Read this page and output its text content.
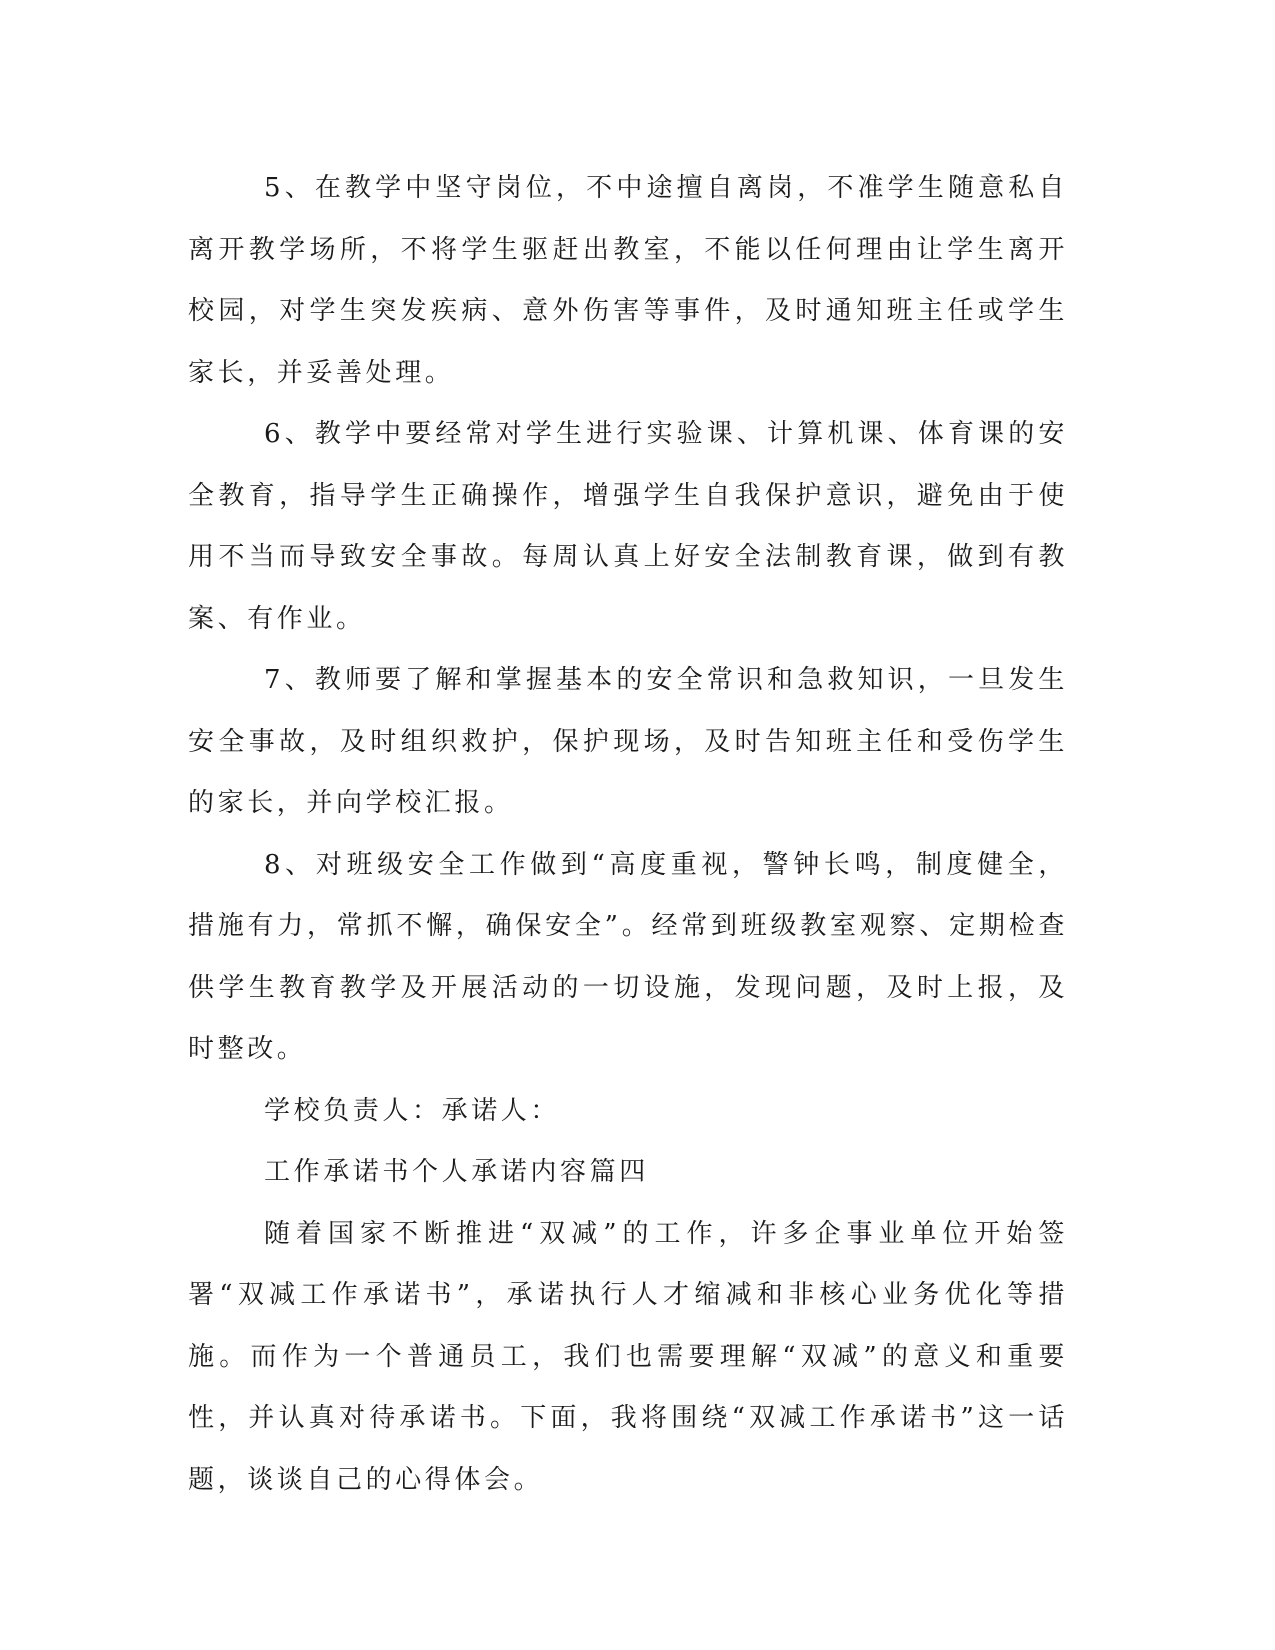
5、在教学中坚守岗位，不中途擅自离岗，不准学生随意私自离开教学场所，不将学生驱赶出教室，不能以任何理由让学生离开校园，对学生突发疾病、意外伤害等事件，及时通知班主任或学生家长，并妥善处理。

6、教学中要经常对学生进行实验课、计算机课、体育课的安全教育，指导学生正确操作，增强学生自我保护意识，避免由于使用不当而导致安全事故。每周认真上好安全法制教育课，做到有教案、有作业。

7、教师要了解和掌握基本的安全常识和急救知识，一旦发生安全事故，及时组织救护，保护现场，及时告知班主任和受伤学生的家长，并向学校汇报。

8、对班级安全工作做到“高度重视，警钟长鸣，制度健全，措施有力，常抓不懈，确保安全”。经常到班级教室观察、定期检查供学生教育教学及开展活动的一切设施，发现问题，及时上报，及时整改。

学校负责人：承诺人：

工作承诺书个人承诺内容篇四

随着国家不断推进“双减”的工作，许多企事业单位开始签署“双减工作承诺书”，承诺执行人才缩减和非核心业务优化等措施。而作为一个普通员工，我们也需要理解“双减”的意义和重要性，并认真对待承诺书。下面，我将围绕“双减工作承诺书”这一话题，谈谈自己的心得体会。
